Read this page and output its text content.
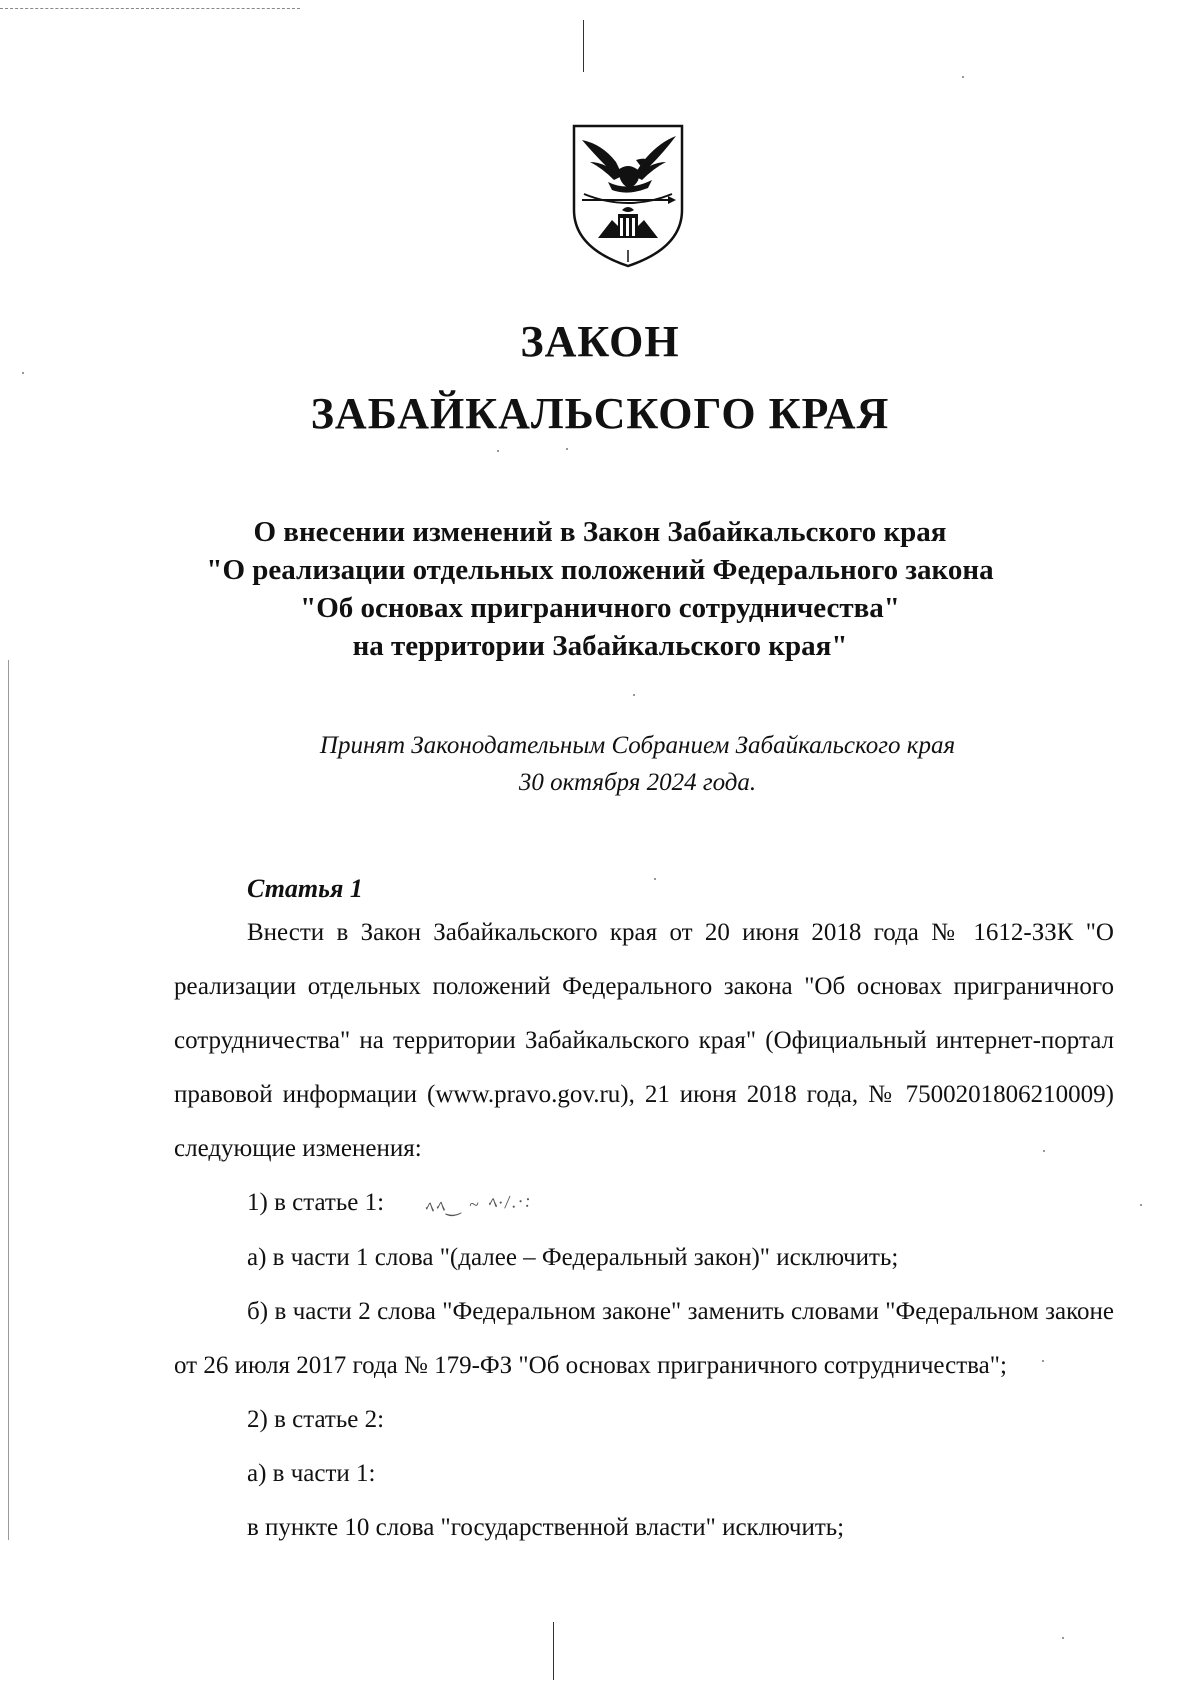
ЗАКОН
ЗАБАЙКАЛЬСКОГО КРАЯ
О внесении изменений в Закон Забайкальского края
"О реализации отдельных положений Федерального закона
"Об основах приграничного сотрудничества"
на территории Забайкальского края"
Принят Законодательным Собранием Забайкальского края
30 октября 2024 года.
Статья 1
Внести в Закон Забайкальского края от 20 июня 2018 года № 1612-ЗЗК "О реализации отдельных положений Федерального закона "Об основах приграничного сотрудничества" на территории Забайкальского края" (Официальный интернет-портал правовой информации (www.pravo.gov.ru), 21 июня 2018 года, № 7500201806210009) следующие изменения:
1) в статье 1: ﾍﾍ‿ ~ ﾍ·/.·:
а) в части 1 слова "(далее – Федеральный закон)" исключить;
б) в части 2 слова "Федеральном законе" заменить словами "Федеральном законе от 26 июля 2017 года № 179-ФЗ "Об основах приграничного сотрудничества";
2) в статье 2:
а) в части 1:
в пункте 10 слова "государственной власти" исключить;
